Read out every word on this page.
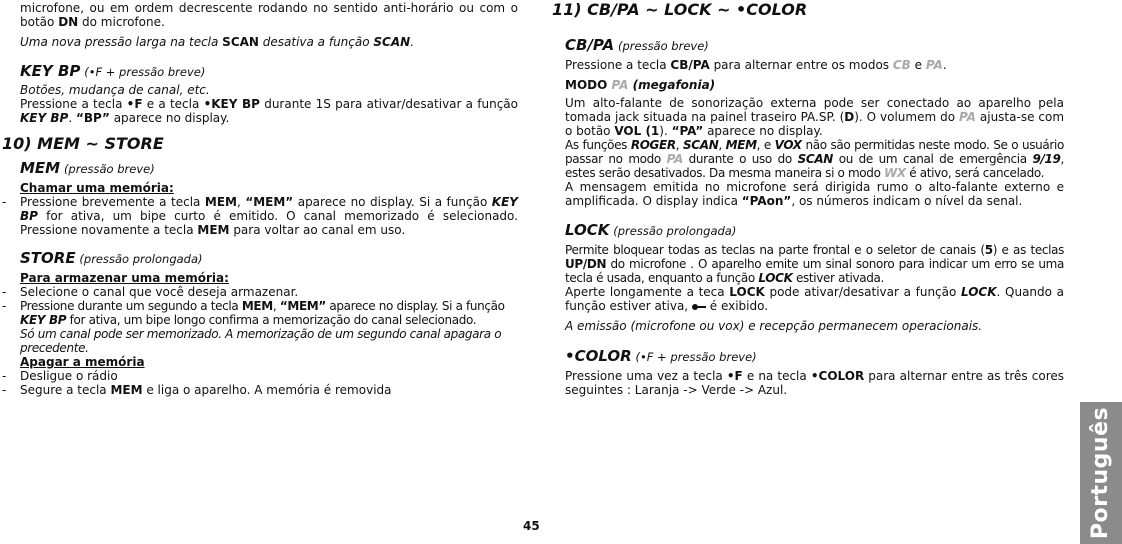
microfone, ou em ordem decrescente rodando no sentido anti-horário ou com o botão DN do microfone.

Uma nova pressão larga na tecla SCAN desativa a função SCAN.

KEY BP (•F + pressão breve)

Botões, mudança de canal, etc.

Pressione a tecla •F e a tecla •KEY BP durante 1S para ativar/desativar a função KEY BP. “BP” aparece no display.

10) MEM ~ STORE

MEM (pressão breve)

Chamar uma memória:

- Pressione brevemente a tecla MEM, “MEM” aparece no display. Si a função KEY BP for ativa, um bipe curto é emitido. O canal memorizado é selecionado. Pressione novamente a tecla MEM para voltar ao canal em uso.

STORE (pressão prolongada)

Para armazenar uma memória:

- Selecione o canal que você deseja armazenar.

- Pressione durante um segundo a tecla MEM, “MEM” aparece no display. Si a função KEY BP for ativa, um bipe longo confirma a memorização do canal selecionado.

Só um canal pode ser memorizado. A memorização de um segundo canal apagara o precedente.

Apagar a memória

- Desligue o rádio

- Segure a tecla MEM e liga o aparelho. A memória é removida

11) CB/PA ~ LOCK ~ •COLOR

CB/PA (pressão breve)

Pressione a tecla CB/PA para alternar entre os modos CB e PA.

MODO PA (megafonia)

Um alto-falante de sonorização externa pode ser conectado ao aparelho pela tomada jack situada na painel traseiro PA.SP. (D). O volumem do PA ajusta-se com o botão VOL (1). “PA” aparece no display.

As funções ROGER, SCAN, MEM, e VOX não são permitidas neste modo. Se o usuário passar no modo PA durante o uso do SCAN ou de um canal de emergência 9/19, estes serão desativados. Da mesma maneira si o modo WX é ativo, será cancelado.

A mensagem emitida no microfone será dirigida rumo o alto-falante externo e amplificada. O display indica “PAon”, os números indicam o nível da senal.

LOCK (pressão prolongada)

Permite bloquear todas as teclas na parte frontal e o seletor de canais (5) e as teclas UP/DN do microfone . O aparelho emite um sinal sonoro para indicar um erro se uma tecla é usada, enquanto a função LOCK estiver ativada.

Aperte longamente a teca LOCK pode ativar/desativar a função LOCK. Quando a função estiver ativa,  é exibido.

A emissão (microfone ou vox) e recepção permanecem operacionais.

•COLOR (•F + pressão breve)

Pressione uma vez a tecla •F e na tecla •COLOR para alternar entre as três cores seguintes : Laranja -> Verde -> Azul.

45	Português
